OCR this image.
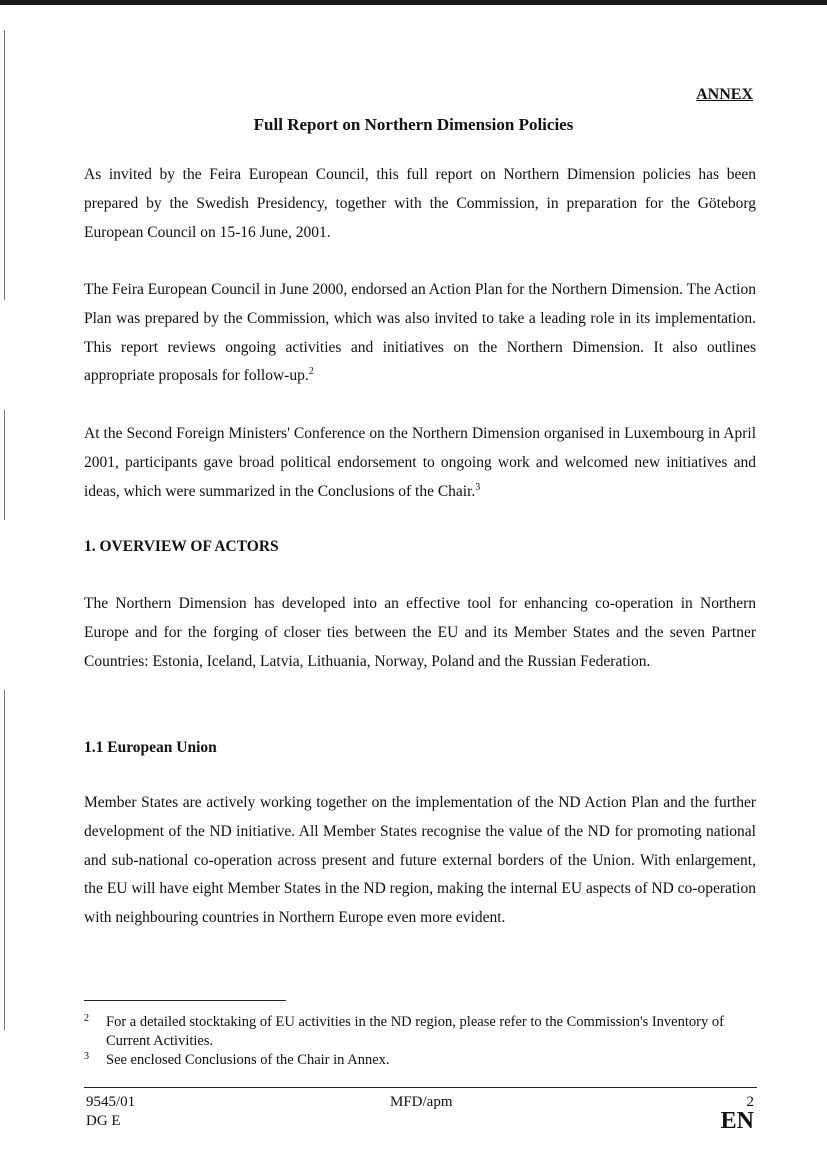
ANNEX
Full Report on Northern Dimension Policies

As invited by the Feira European Council, this full report on Northern Dimension policies has been prepared by the Swedish Presidency, together with the Commission, in preparation for the Göteborg European Council on 15-16 June, 2001.

The Feira European Council in June 2000, endorsed an Action Plan for the Northern Dimension. The Action Plan was prepared by the Commission, which was also invited to take a leading role in its implementation. This report reviews ongoing activities and initiatives on the Northern Dimension. It also outlines appropriate proposals for follow-up.$^2$

At the Second Foreign Ministers' Conference on the Northern Dimension organised in Luxembourg in April 2001, participants gave broad political endorsement to ongoing work and welcomed new initiatives and ideas, which were summarized in the Conclusions of the Chair.$^3$

1. OVERVIEW OF ACTORS

The Northern Dimension has developed into an effective tool for enhancing co-operation in Northern Europe and for the forging of closer ties between the EU and its Member States and the seven Partner Countries: Estonia, Iceland, Latvia, Lithuania, Norway, Poland and the Russian Federation.

1.1 European Union

Member States are actively working together on the implementation of the ND Action Plan and the further development of the ND initiative. All Member States recognise the value of the ND for promoting national and sub-national co-operation across present and future external borders of the Union. With enlargement, the EU will have eight Member States in the ND region, making the internal EU aspects of ND co-operation with neighbouring countries in Northern Europe even more evident.

2 For a detailed stocktaking of EU activities in the ND region, please refer to the Commission's Inventory of Current Activities.
3 See enclosed Conclusions of the Chair in Annex.
9545/01
DG E
MFD/apm	2
EN
